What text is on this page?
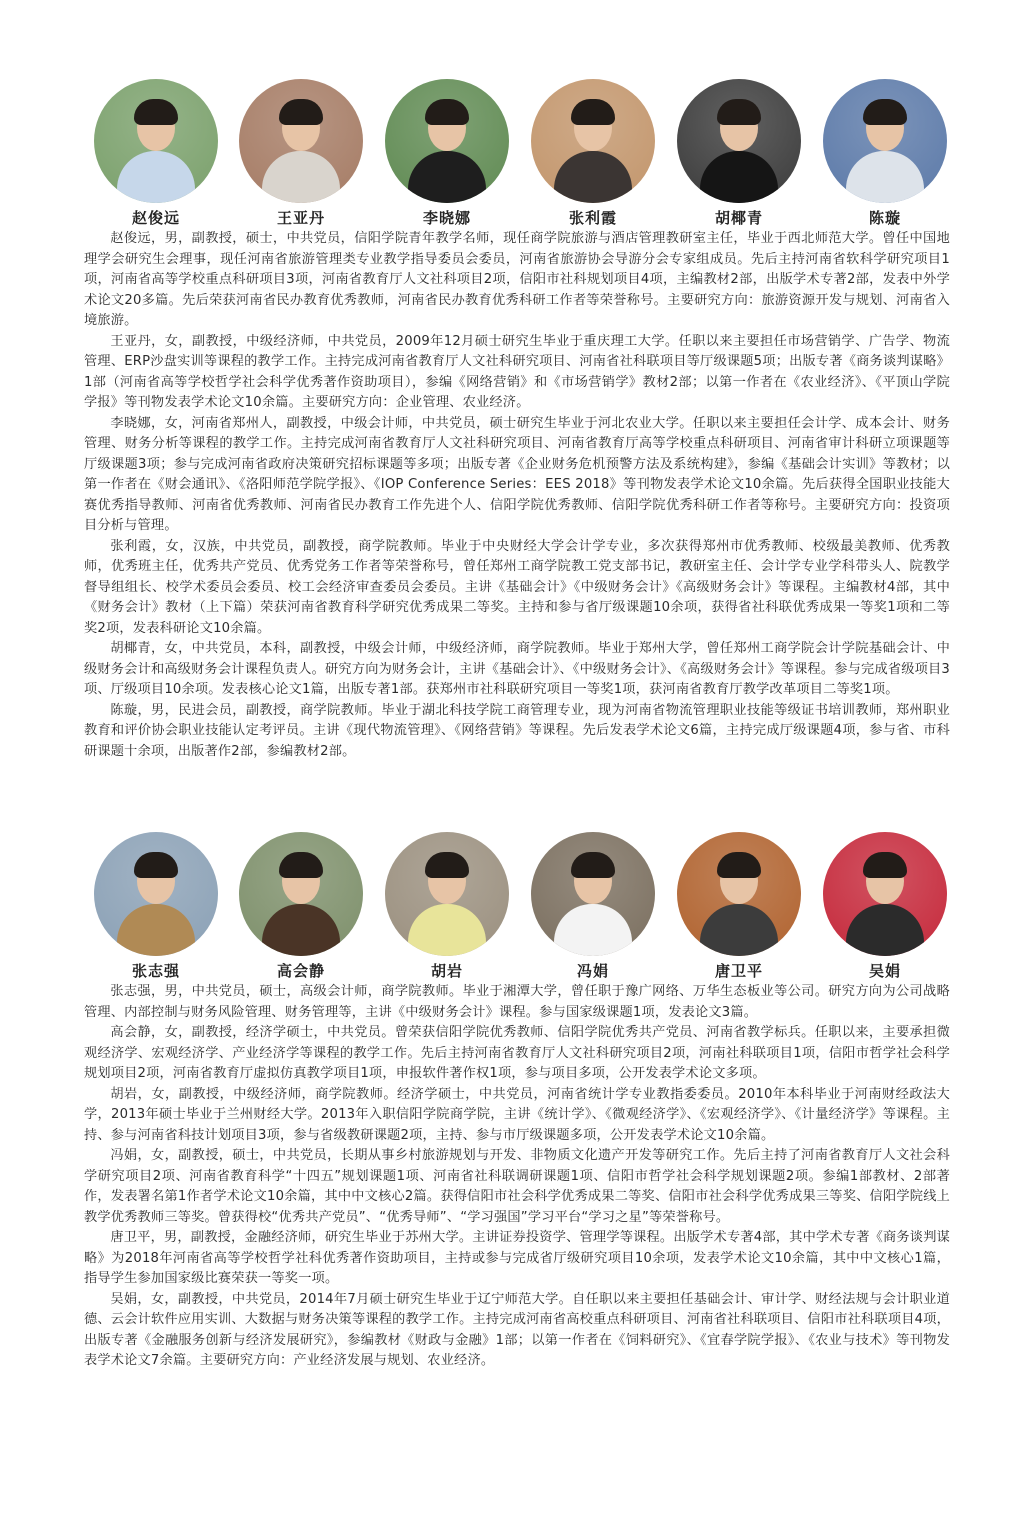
赵俊远	王亚丹	李晓娜	张利霞	胡椰青	陈璇

赵俊远，男，副教授，硕士，中共党员，信阳学院青年教学名师，现任商学院旅游与酒店管理教研室主任，毕业于西北师范大学。曾任中国地理学会研究生会理事，现任河南省旅游管理类专业教学指导委员会委员，河南省旅游协会导游分会专家组成员。先后主持河南省软科学研究项目1项，河南省高等学校重点科研项目3项，河南省教育厅人文社科项目2项，信阳市社科规划项目4项，主编教材2部，出版学术专著2部，发表中外学术论文20多篇。先后荣获河南省民办教育优秀教师，河南省民办教育优秀科研工作者等荣誉称号。主要研究方向：旅游资源开发与规划、河南省入境旅游。

王亚丹，女，副教授，中级经济师，中共党员，2009年12月硕士研究生毕业于重庆理工大学。任职以来主要担任市场营销学、广告学、物流管理、ERP沙盘实训等课程的教学工作。主持完成河南省教育厅人文社科研究项目、河南省社科联项目等厅级课题5项；出版专著《商务谈判谋略》1部（河南省高等学校哲学社会科学优秀著作资助项目），参编《网络营销》和《市场营销学》教材2部；以第一作者在《农业经济》、《平顶山学院学报》等刊物发表学术论文10余篇。主要研究方向：企业管理、农业经济。

李晓娜，女，河南省郑州人，副教授，中级会计师，中共党员，硕士研究生毕业于河北农业大学。任职以来主要担任会计学、成本会计、财务管理、财务分析等课程的教学工作。主持完成河南省教育厅人文社科研究项目、河南省教育厅高等学校重点科研项目、河南省审计科研立项课题等厅级课题3项；参与完成河南省政府决策研究招标课题等多项；出版专著《企业财务危机预警方法及系统构建》，参编《基础会计实训》等教材；以第一作者在《财会通讯》、《洛阳师范学院学报》、《IOP Conference Series：EES 2018》等刊物发表学术论文10余篇。先后获得全国职业技能大赛优秀指导教师、河南省优秀教师、河南省民办教育工作先进个人、信阳学院优秀教师、信阳学院优秀科研工作者等称号。主要研究方向：投资项目分析与管理。

张利霞，女，汉族，中共党员，副教授，商学院教师。毕业于中央财经大学会计学专业，多次获得郑州市优秀教师、校级最美教师、优秀教师，优秀班主任，优秀共产党员、优秀党务工作者等荣誉称号，曾任郑州工商学院教工党支部书记，教研室主任、会计学专业学科带头人、院教学督导组组长、校学术委员会委员、校工会经济审查委员会委员。主讲《基础会计》《中级财务会计》《高级财务会计》等课程。主编教材4部，其中《财务会计》教材（上下篇）荣获河南省教育科学研究优秀成果二等奖。主持和参与省厅级课题10余项，获得省社科联优秀成果一等奖1项和二等奖2项，发表科研论文10余篇。

胡椰青，女，中共党员，本科，副教授，中级会计师，中级经济师，商学院教师。毕业于郑州大学，曾任郑州工商学院会计学院基础会计、中级财务会计和高级财务会计课程负责人。研究方向为财务会计，主讲《基础会计》、《中级财务会计》、《高级财务会计》等课程。参与完成省级项目3项、厅级项目10余项。发表核心论文1篇，出版专著1部。获郑州市社科联研究项目一等奖1项，获河南省教育厅教学改革项目二等奖1项。

陈璇，男，民进会员，副教授，商学院教师。毕业于湖北科技学院工商管理专业，现为河南省物流管理职业技能等级证书培训教师，郑州职业教育和评价协会职业技能认定考评员。主讲《现代物流管理》、《网络营销》等课程。先后发表学术论文6篇，主持完成厅级课题4项，参与省、市科研课题十余项，出版著作2部，参编教材2部。

张志强	高会静	胡岩	冯娟	唐卫平	吴娟

张志强，男，中共党员，硕士，高级会计师，商学院教师。毕业于湘潭大学，曾任职于豫广网络、万华生态板业等公司。研究方向为公司战略管理、内部控制与财务风险管理、财务管理等，主讲《中级财务会计》课程。参与国家级课题1项，发表论文3篇。

高会静，女，副教授，经济学硕士，中共党员。曾荣获信阳学院优秀教师、信阳学院优秀共产党员、河南省教学标兵。任职以来，主要承担微观经济学、宏观经济学、产业经济学等课程的教学工作。先后主持河南省教育厅人文社科研究项目2项，河南社科联项目1项，信阳市哲学社会科学规划项目2项，河南省教育厅虚拟仿真教学项目1项，申报软件著作权1项，参与项目多项，公开发表学术论文多项。

胡岩，女，副教授，中级经济师，商学院教师。经济学硕士，中共党员，河南省统计学专业教指委委员。2010年本科毕业于河南财经政法大学，2013年硕士毕业于兰州财经大学。2013年入职信阳学院商学院，主讲《统计学》、《微观经济学》、《宏观经济学》、《计量经济学》等课程。主持、参与河南省科技计划项目3项，参与省级教研课题2项，主持、参与市厅级课题多项，公开发表学术论文10余篇。

冯娟，女，副教授，硕士，中共党员，长期从事乡村旅游规划与开发、非物质文化遗产开发等研究工作。先后主持了河南省教育厅人文社会科学研究项目2项、河南省教育科学“十四五”规划课题1项、河南省社科联调研课题1项、信阳市哲学社会科学规划课题2项。参编1部教材、2部著作，发表署名第1作者学术论文10余篇，其中中文核心2篇。获得信阳市社会科学优秀成果二等奖、信阳市社会科学优秀成果三等奖、信阳学院线上教学优秀教师三等奖。曾获得校“优秀共产党员”、“优秀导师”、“学习强国”学习平台“学习之星”等荣誉称号。

唐卫平，男，副教授，金融经济师，研究生毕业于苏州大学。主讲证券投资学、管理学等课程。出版学术专著4部，其中学术专著《商务谈判谋略》为2018年河南省高等学校哲学社科优秀著作资助项目，主持或参与完成省厅级研究项目10余项，发表学术论文10余篇，其中中文核心1篇，指导学生参加国家级比赛荣获一等奖一项。

吴娟，女，副教授，中共党员，2014年7月硕士研究生毕业于辽宁师范大学。自任职以来主要担任基础会计、审计学、财经法规与会计职业道德、云会计软件应用实训、大数据与财务决策等课程的教学工作。主持完成河南省高校重点科研项目、河南省社科联项目、信阳市社科联项目4项，出版专著《金融服务创新与经济发展研究》，参编教材《财政与金融》1部；以第一作者在《饲料研究》、《宜春学院学报》、《农业与技术》等刊物发表学术论文7余篇。主要研究方向：产业经济发展与规划、农业经济。
